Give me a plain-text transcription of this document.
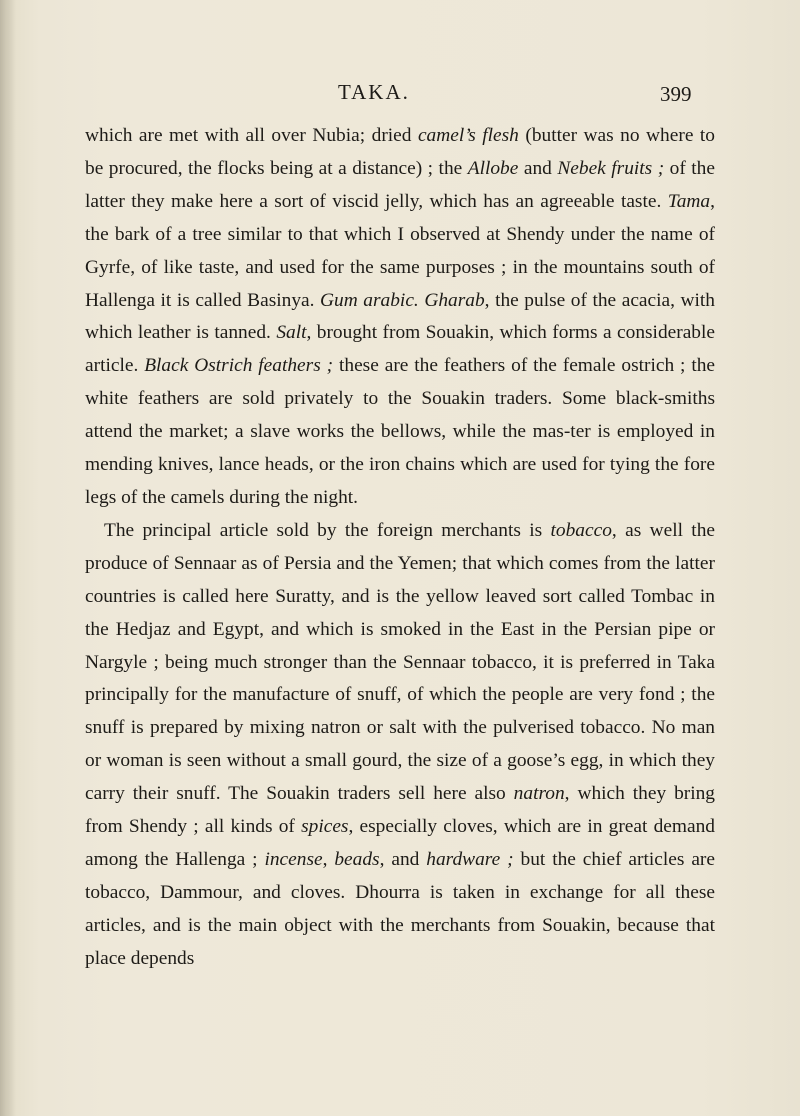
TAKA.	399

which are met with all over Nubia; dried camel’s flesh (butter was no where to be procured, the flocks being at a distance) ; the Allobe and Nebek fruits ; of the latter they make here a sort of viscid jelly, which has an agreeable taste. Tama, the bark of a tree similar to that which I observed at Shendy under the name of Gyrfe, of like taste, and used for the same purposes ; in the mountains south of Hallenga it is called Basinya. Gum arabic. Gharab, the pulse of the acacia, with which leather is tanned. Salt, brought from Souakin, which forms a considerable article. Black Ostrich feathers ; these are the feathers of the female ostrich ; the white feathers are sold privately to the Souakin traders. Some black-smiths attend the market; a slave works the bellows, while the mas-ter is employed in mending knives, lance heads, or the iron chains which are used for tying the fore legs of the camels during the night.

The principal article sold by the foreign merchants is tobacco, as well the produce of Sennaar as of Persia and the Yemen; that which comes from the latter countries is called here Suratty, and is the yellow leaved sort called Tombac in the Hedjaz and Egypt, and which is smoked in the East in the Persian pipe or Nargyle ; being much stronger than the Sennaar tobacco, it is preferred in Taka principally for the manufacture of snuff, of which the people are very fond ; the snuff is prepared by mixing natron or salt with the pulverised tobacco. No man or woman is seen without a small gourd, the size of a goose’s egg, in which they carry their snuff. The Souakin traders sell here also natron, which they bring from Shendy ; all kinds of spices, especially cloves, which are in great demand among the Hallenga ; incense, beads, and hardware ; but the chief articles are tobacco, Dammour, and cloves. Dhourra is taken in exchange for all these articles, and is the main object with the merchants from Souakin, because that place depends
